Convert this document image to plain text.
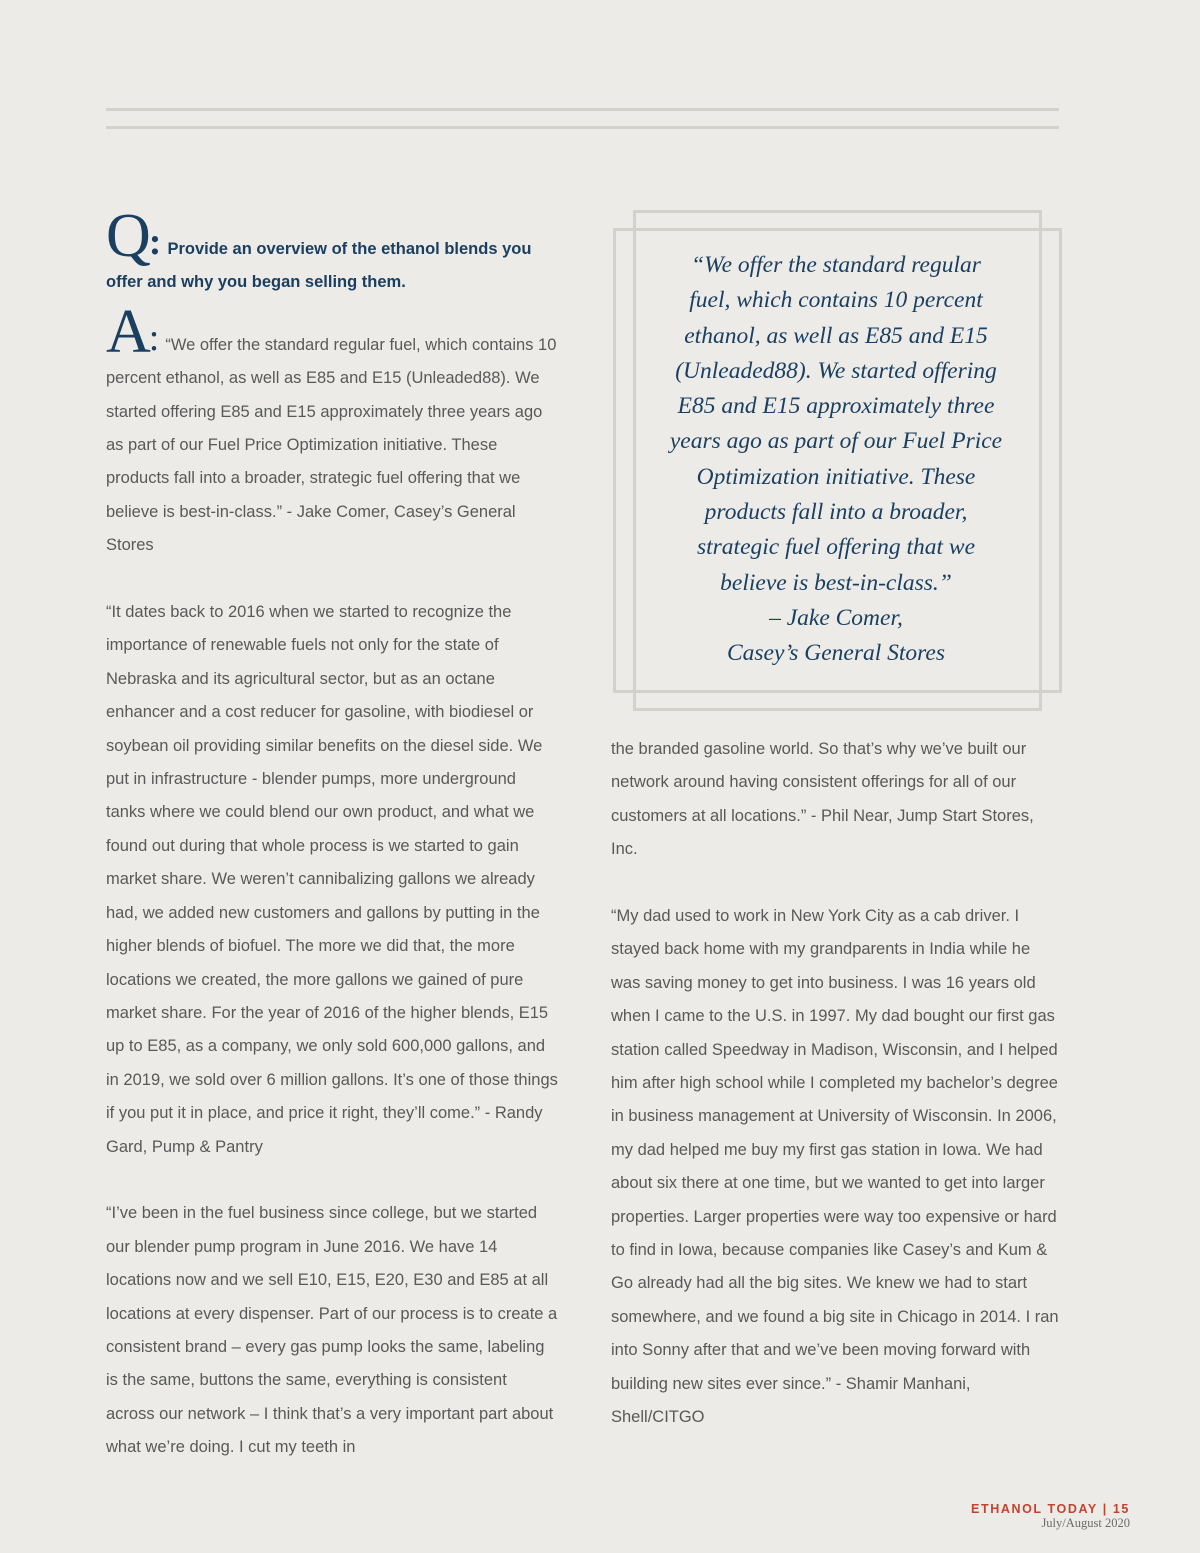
Q: Provide an overview of the ethanol blends you offer and why you began selling them.

A: “We offer the standard regular fuel, which contains 10 percent ethanol, as well as E85 and E15 (Unleaded88). We started offering E85 and E15 approximately three years ago as part of our Fuel Price Optimization initiative. These products fall into a broader, strategic fuel offering that we believe is best-in-class.” - Jake Comer, Casey’s General Stores

“It dates back to 2016 when we started to recognize the importance of renewable fuels not only for the state of Nebraska and its agricultural sector, but as an octane enhancer and a cost reducer for gasoline, with biodiesel or soybean oil providing similar benefits on the diesel side. We put in infrastructure - blender pumps, more underground tanks where we could blend our own product, and what we found out during that whole process is we started to gain market share. We weren’t cannibalizing gallons we already had, we added new customers and gallons by putting in the higher blends of biofuel. The more we did that, the more locations we created, the more gallons we gained of pure market share. For the year of 2016 of the higher blends, E15 up to E85, as a company, we only sold 600,000 gallons, and in 2019, we sold over 6 million gallons. It’s one of those things if you put it in place, and price it right, they’ll come.” - Randy Gard, Pump & Pantry

“I’ve been in the fuel business since college, but we started our blender pump program in June 2016. We have 14 locations now and we sell E10, E15, E20, E30 and E85 at all locations at every dispenser. Part of our process is to create a consistent brand – every gas pump looks the same, labeling is the same, buttons the same, everything is consistent across our network – I think that’s a very important part about what we’re doing. I cut my teeth in

“We offer the standard regular
fuel, which contains 10 percent
ethanol, as well as E85 and E15
(Unleaded88). We started offering
E85 and E15 approximately three
years ago as part of our Fuel Price
Optimization initiative. These
products fall into a broader,
strategic fuel offering that we
believe is best-in-class.”
– Jake Comer,
Casey’s General Stores

the branded gasoline world. So that’s why we’ve built our network around having consistent offerings for all of our customers at all locations.” - Phil Near, Jump Start Stores, Inc.

“My dad used to work in New York City as a cab driver. I stayed back home with my grandparents in India while he was saving money to get into business. I was 16 years old when I came to the U.S. in 1997. My dad bought our first gas station called Speedway in Madison, Wisconsin, and I helped him after high school while I completed my bachelor’s degree in business management at University of Wisconsin. In 2006, my dad helped me buy my first gas station in Iowa. We had about six there at one time, but we wanted to get into larger properties. Larger properties were way too expensive or hard to find in Iowa, because companies like Casey’s and Kum & Go already had all the big sites. We knew we had to start somewhere, and we found a big site in Chicago in 2014. I ran into Sonny after that and we’ve been moving forward with building new sites ever since.” - Shamir Manhani, Shell/CITGO

ETHANOL TODAY | 15
July/August 2020
